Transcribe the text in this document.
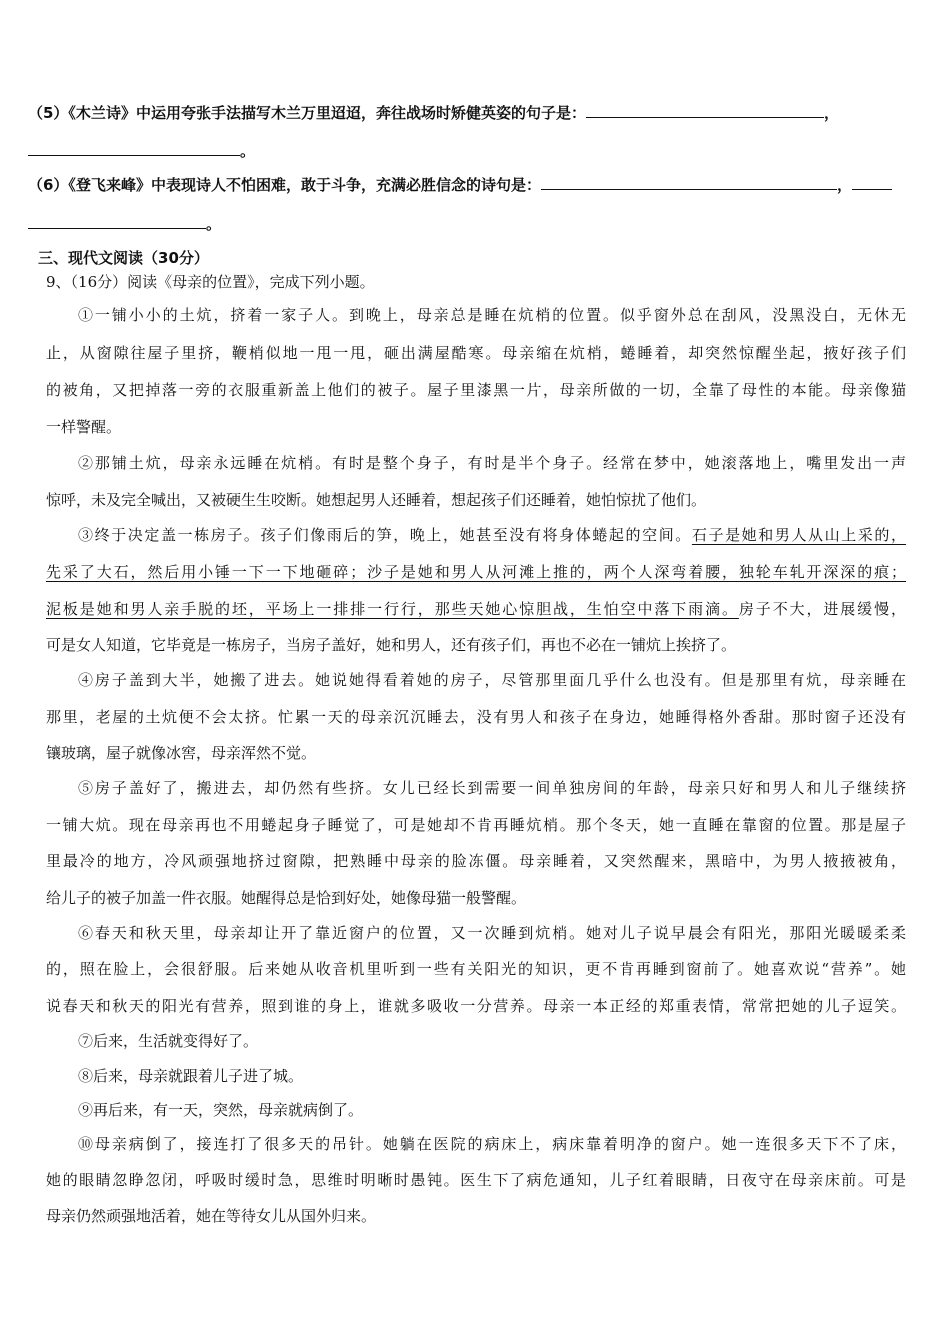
（5）《木兰诗》中运用夸张手法描写木兰万里迢迢，奔往战场时矫健英姿的句子是：	，
。
（6）《登飞来峰》中表现诗人不怕困难，敢于斗争，充满必胜信念的诗句是：	，
。
三、现代文阅读（30分）
9、（16分）阅读《母亲的位置》，完成下列小题。
①一铺小小的土炕，挤着一家子人。到晚上，母亲总是睡在炕梢的位置。似乎窗外总在刮风，没黑没白，无休无
止，从窗隙往屋子里挤，鞭梢似地一甩一甩，砸出满屋酷寒。母亲缩在炕梢，蜷睡着，却突然惊醒坐起，掖好孩子们
的被角，又把掉落一旁的衣服重新盖上他们的被子。屋子里漆黑一片，母亲所做的一切，全靠了母性的本能。母亲像猫
一样警醒。
②那铺土炕，母亲永远睡在炕梢。有时是整个身子，有时是半个身子。经常在梦中，她滚落地上，嘴里发出一声
惊呼，未及完全喊出，又被硬生生咬断。她想起男人还睡着，想起孩子们还睡着，她怕惊扰了他们。
③终于决定盖一栋房子。孩子们像雨后的笋，晚上，她甚至没有将身体蜷起的空间。石子是她和男人从山上采的，
先采了大石，然后用小锤一下一下地砸碎；沙子是她和男人从河滩上推的，两个人深弯着腰，独轮车轧开深深的痕；
泥板是她和男人亲手脱的坯，平场上一排排一行行，那些天她心惊胆战，生怕空中落下雨滴。房子不大，进展缓慢，
可是女人知道，它毕竟是一栋房子，当房子盖好，她和男人，还有孩子们，再也不必在一铺炕上挨挤了。
④房子盖到大半，她搬了进去。她说她得看着她的房子，尽管那里面几乎什么也没有。但是那里有炕，母亲睡在
那里，老屋的土炕便不会太挤。忙累一天的母亲沉沉睡去，没有男人和孩子在身边，她睡得格外香甜。那时窗子还没有
镶玻璃，屋子就像冰窖，母亲浑然不觉。
⑤房子盖好了，搬进去，却仍然有些挤。女儿已经长到需要一间单独房间的年龄，母亲只好和男人和儿子继续挤
一铺大炕。现在母亲再也不用蜷起身子睡觉了，可是她却不肯再睡炕梢。那个冬天，她一直睡在靠窗的位置。那是屋子
里最冷的地方，冷风顽强地挤过窗隙，把熟睡中母亲的脸冻僵。母亲睡着，又突然醒来，黑暗中，为男人掖掖被角，
给儿子的被子加盖一件衣服。她醒得总是恰到好处，她像母猫一般警醒。
⑥春天和秋天里，母亲却让开了靠近窗户的位置，又一次睡到炕梢。她对儿子说早晨会有阳光，那阳光暖暖柔柔
的，照在脸上，会很舒服。后来她从收音机里听到一些有关阳光的知识，更不肯再睡到窗前了。她喜欢说“营养”。她
说春天和秋天的阳光有营养，照到谁的身上，谁就多吸收一分营养。母亲一本正经的郑重表情，常常把她的儿子逗笑。
⑦后来，生活就变得好了。
⑧后来，母亲就跟着儿子进了城。
⑨再后来，有一天，突然，母亲就病倒了。
⑩母亲病倒了，接连打了很多天的吊针。她躺在医院的病床上，病床靠着明净的窗户。她一连很多天下不了床，
她的眼睛忽睁忽闭，呼吸时缓时急，思维时明晰时愚钝。医生下了病危通知，儿子红着眼睛，日夜守在母亲床前。可是
母亲仍然顽强地活着，她在等待女儿从国外归来。
